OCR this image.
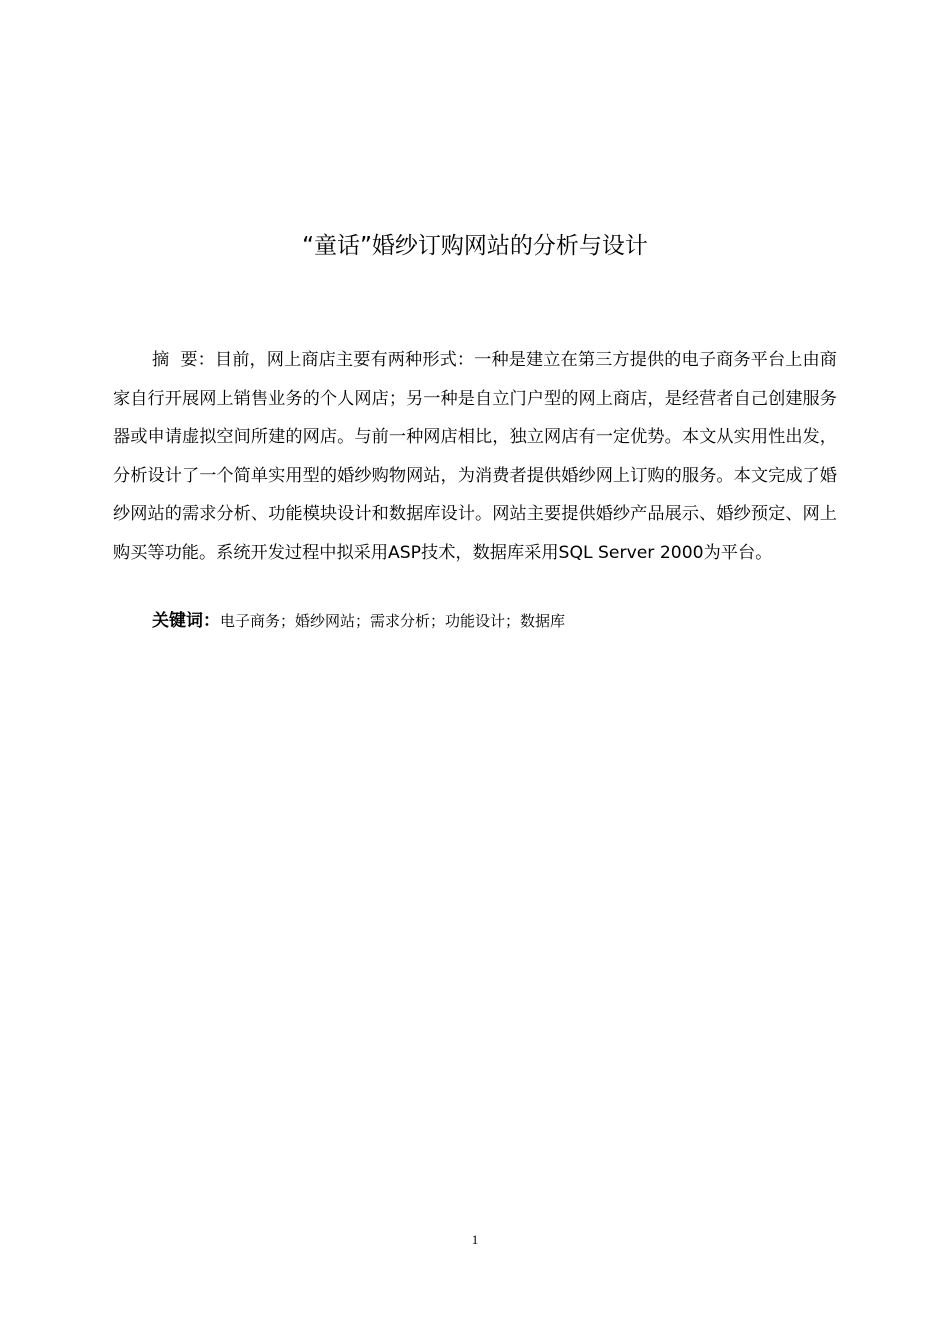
“童话”婚纱订购网站的分析与设计

摘  要：目前，网上商店主要有两种形式：一种是建立在第三方提供的电子商务平台上由商家自行开展网上销售业务的个人网店；另一种是自立门户型的网上商店，是经营者自己创建服务器或申请虚拟空间所建的网店。与前一种网店相比，独立网店有一定优势。本文从实用性出发，分析设计了一个简单实用型的婚纱购物网站，为消费者提供婚纱网上订购的服务。本文完成了婚纱网站的需求分析、功能模块设计和数据库设计。网站主要提供婚纱产品展示、婚纱预定、网上购买等功能。系统开发过程中拟采用ASP技术，数据库采用SQL Server 2000为平台。

关键词：电子商务；婚纱网站；需求分析；功能设计；数据库

1
